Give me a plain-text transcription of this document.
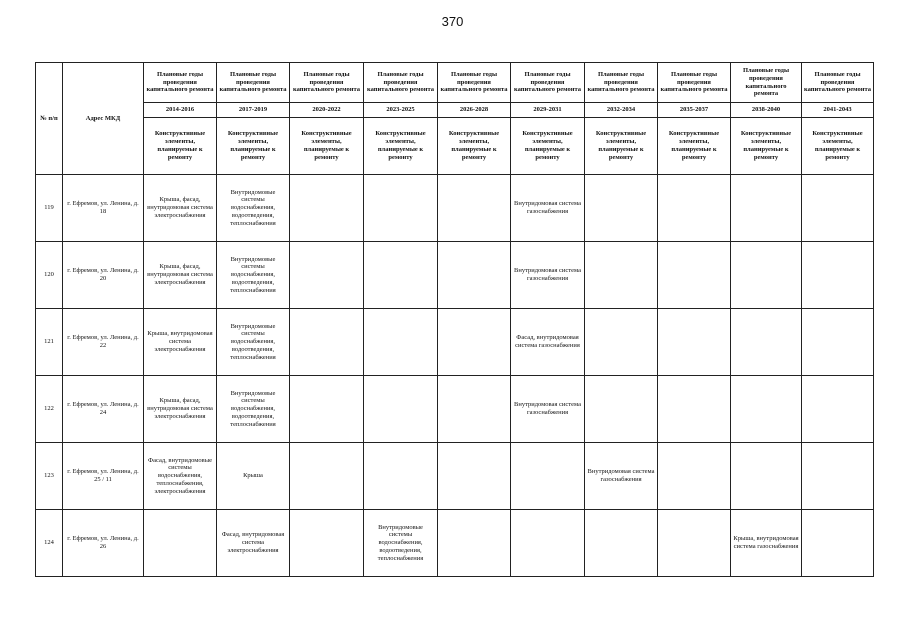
370
№ п/п	Адрес МКД	Плановые годы проведения капитального ремонта	Плановые годы проведения капитального ремонта	Плановые годы проведения капитального ремонта	Плановые годы проведения капитального ремонта	Плановые годы проведения капитального ремонта	Плановые годы проведения капитального ремонта	Плановые годы проведения капитального ремонта	Плановые годы проведения капитального ремонта	Плановые годы проведения капитального ремонта	Плановые годы проведения капитального ремонта
		2014-2016	2017-2019	2020-2022	2023-2025	2026-2028	2029-2031	2032-2034	2035-2037	2038-2040	2041-2043
		Конструктивные элементы, планируемые к ремонту	Конструктивные элементы, планируемые к ремонту	Конструктивные элементы, планируемые к ремонту	Конструктивные элементы, планируемые к ремонту	Конструктивные элементы, планируемые к ремонту	Конструктивные элементы, планируемые к ремонту	Конструктивные элементы, планируемые к ремонту	Конструктивные элементы, планируемые к ремонту	Конструктивные элементы, планируемые к ремонту	Конструктивные элементы, планируемые к ремонту
119	г. Ефремов, ул. Ленина, д. 18	Крыша, фасад, внутридомовая система электроснабжения	Внутридомовые системы водоснабжения, водоотведения, теплоснабжения				Внутридомовая система газоснабжения				
120	г. Ефремов, ул. Ленина, д. 20	Крыша, фасад, внутридомовая система электроснабжения	Внутридомовые системы водоснабжения, водоотведения, теплоснабжения				Внутридомовая система газоснабжения				
121	г. Ефремов, ул. Ленина, д. 22	Крыша, внутридомовая система электроснабжения	Внутридомовые системы водоснабжения, водоотведения, теплоснабжения				Фасад, внутридомовая система газоснабжения				
122	г. Ефремов, ул. Ленина, д. 24	Крыша, фасад, внутридомовая система электроснабжения	Внутридомовые системы водоснабжения, водоотведения, теплоснабжения				Внутридомовая система газоснабжения				
123	г. Ефремов, ул. Ленина, д. 25 / 11	Фасад, внутридомовые системы водоснабжения, теплоснабжения, электроснабжения	Крыша					Внутридомовая система газоснабжения			
124	г. Ефремов, ул. Ленина, д. 26		Фасад, внутридомовая система электроснабжения		Внутридомовые системы водоснабжения, водоотведения, теплоснабжения					Крыша, внутридомовая система газоснабжения	
